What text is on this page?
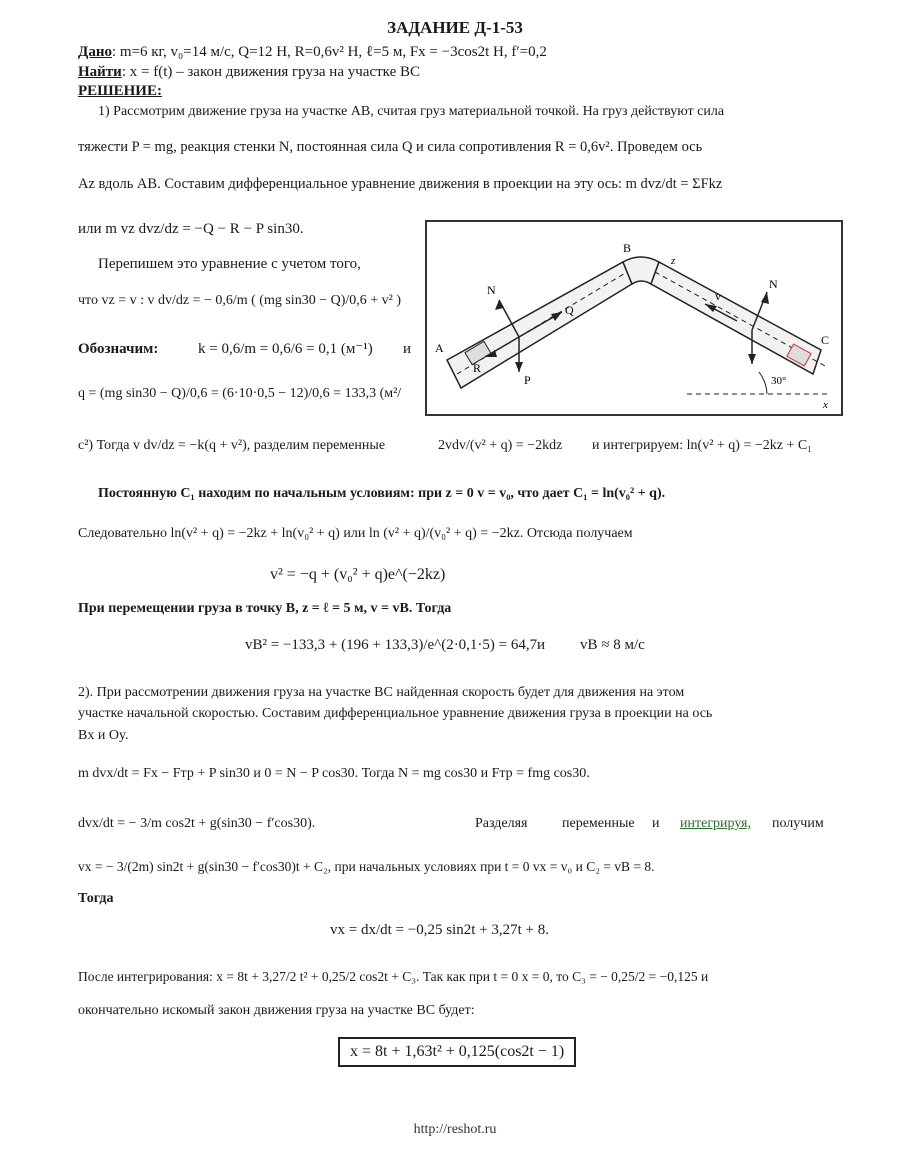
ЗАДАНИЕ Д-1-53
Дано: m=6 кг, v₀=14 м/с, Q=12 Н, R=0,6v² Н, ℓ=5 м, Fx = −3cos2t Н, f′=0,2
Найти: x = f(t) – закон движения груза на участке ВС
РЕШЕНИЕ:
1) Рассмотрим движение груза на участке АВ, считая груз материальной точкой. На груз действуют сила
тяжести P = mg, реакция стенки N, постоянная сила Q и сила сопротивления R = 0,6v². Проведем ось
Az вдоль АВ. Составим дифференциальное уравнение движения в проекции на эту ось: m dvz/dt = ΣFkz
или m vz dvz/dz = −Q − R − P sin30.
Перепишем это уравнение с учетом того,
что vz = v : v dv/dz = − 0,6/m ( (mg sin30 − Q)/0,6 + v² )
Обозначим:	k = 0,6/m = 0,6/6 = 0,1 (м⁻¹) и
q = (mg sin30 − Q)/0,6 = (6·10·0,5 − 12)/0,6 = 133,3 (м²/
с²) Тогда v dv/dz = −k(q + v²), разделим переменные	2vdv/(v² + q) = −2kdz и интегрируем: ln(v² + q) = −2kz + C₁
Постоянную C₁ находим по начальным условиям: при z = 0 v = v₀, что дает C₁ = ln(v₀² + q).
Следовательно ln(v² + q) = −2kz + ln(v₀² + q) или ln (v² + q)/(v₀² + q) = −2kz. Отсюда получаем
v² = −q + (v₀² + q)e^(−2kz)
При перемещении груза в точку B, z = ℓ = 5 м, v = vB. Тогда
vB² = −133,3 + (196 + 133,3)/e^(2·0,1·5) = 64,7 и vB ≈ 8 м/с
A
B
C
z
x
N	N
Q
R
P
v
30°
2). При рассмотрении движения груза на участке ВС найденная скорость будет для движения на этом
участке начальной скоростью. Составим дифференциальное уравнение движения груза в проекции на ось
Bx и Oy.
m dvx/dt = Fx − Fтр + P sin30 и 0 = N − P cos30. Тогда N = mg cos30 и Fтр = fmg cos30.
dvx/dt = − 3/m cos2t + g(sin30 − f′cos30).	Разделяя переменные и интегрируя, получим
vx = − 3/(2m) sin2t + g(sin30 − f′cos30)t + C₂, при начальных условиях при t = 0 vx = v₀ и C₂ = vB = 8.
Тогда
vx = dx/dt = −0,25 sin2t + 3,27t + 8.
После интегрирования: x = 8t + 3,27/2 t² + 0,25/2 cos2t + C₃. Так как при t = 0 x = 0, то C₃ = − 0,25/2 = −0,125 и
окончательно искомый закон движения груза на участке ВС будет:
x = 8t + 1,63t² + 0,125(cos2t − 1)
http://reshot.ru
